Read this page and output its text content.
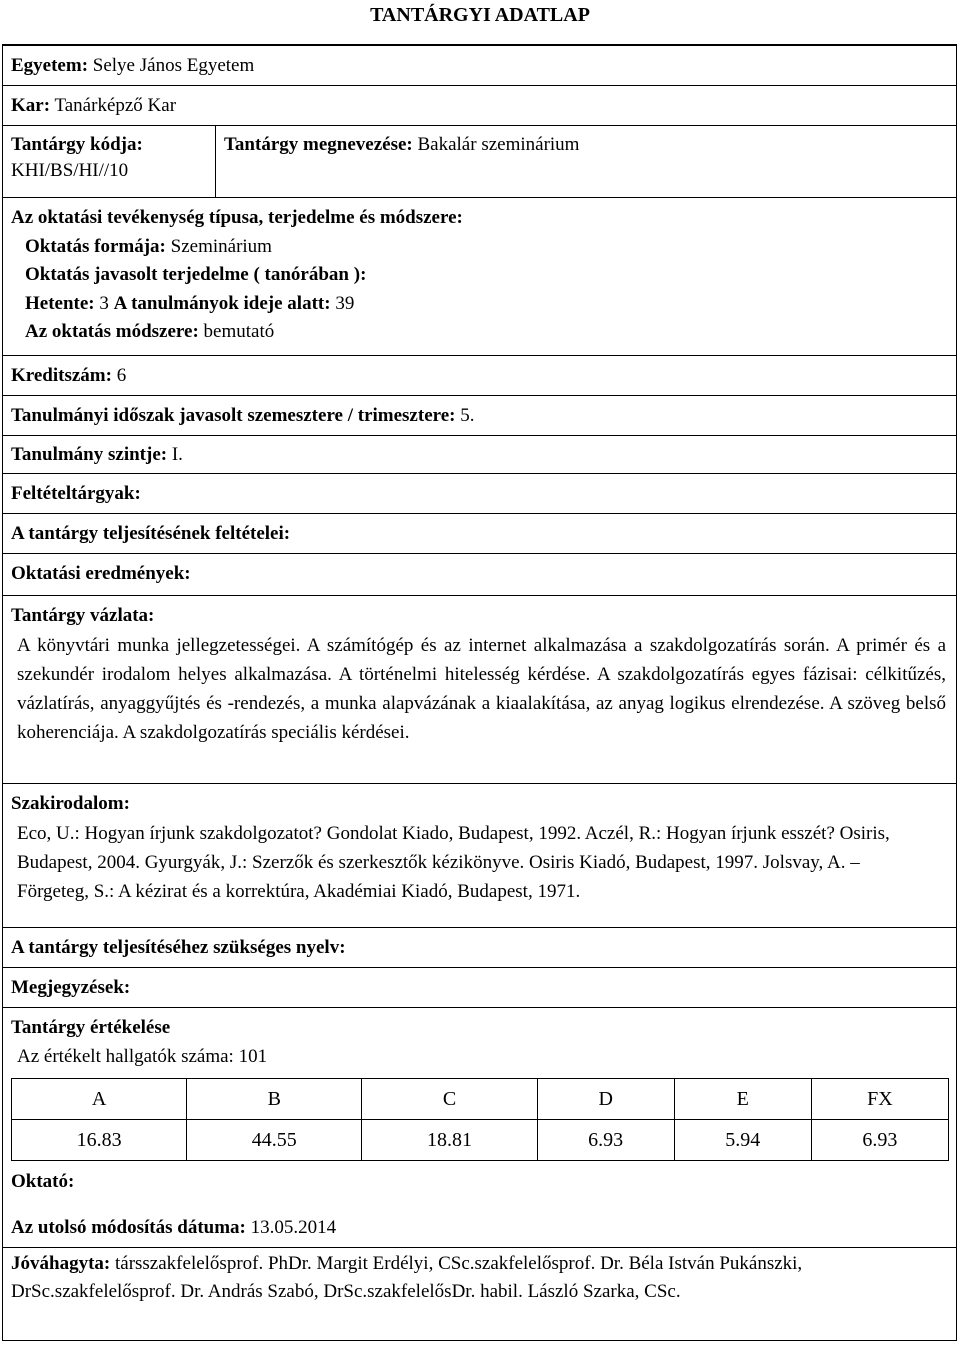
TANTÁRGYI ADATLAP
Egyetem: Selye János Egyetem
Kar: Tanárképző Kar
Tantárgy kódja:
KHI/BS/HI//10
Tantárgy megnevezése: Bakalár szeminárium
Az oktatási tevékenység típusa, terjedelme és módszere:
Oktatás formája: Szeminárium
Oktatás javasolt terjedelme ( tanórában ):
Hetente: 3 A tanulmányok ideje alatt: 39
Az oktatás módszere: bemutató
Kreditszám: 6
Tanulmányi időszak javasolt szemesztere / trimesztere: 5.
Tanulmány szintje: I.
Feltételtárgyak:
A tantárgy teljesítésének feltételei:
Oktatási eredmények:
Tantárgy vázlata:
A könyvtári munka jellegzetességei. A számítógép és az internet alkalmazása a szakdolgozatírás során. A primér és a szekundér irodalom helyes alkalmazása. A történelmi hitelesség kérdése. A szakdolgozatírás egyes fázisai: célkitűzés, vázlatírás, anyaggyűjtés és -rendezés, a munka alapvázának a kiaalakítása, az anyag logikus elrendezése. A szöveg belső koherenciája. A szakdolgozatírás speciális kérdései.
Szakirodalom:
Eco, U.: Hogyan írjunk szakdolgozatot? Gondolat Kiado, Budapest, 1992. Aczél, R.: Hogyan írjunk esszét? Osiris, Budapest, 2004. Gyurgyák, J.: Szerzők és szerkesztők kézikönyve. Osiris Kiadó, Budapest, 1997. Jolsvay, A. – Förgeteg, S.: A kézirat és a korrektúra, Akadémiai Kiadó, Budapest, 1971.
A tantárgy teljesítéséhez szükséges nyelv:
Megjegyzések:
Tantárgy értékelése
Az értékelt hallgatók száma: 101
A	B	C	D	E	FX
16.83	44.55	18.81	6.93	5.94	6.93
Oktató:
Az utolsó módosítás dátuma: 13.05.2014
Jóváhagyta: társszakfelelősprof. PhDr. Margit Erdélyi, CSc.szakfelelősprof. Dr. Béla István Pukánszki, DrSc.szakfelelősprof. Dr. András Szabó, DrSc.szakfelelősDr. habil. László Szarka, CSc.
